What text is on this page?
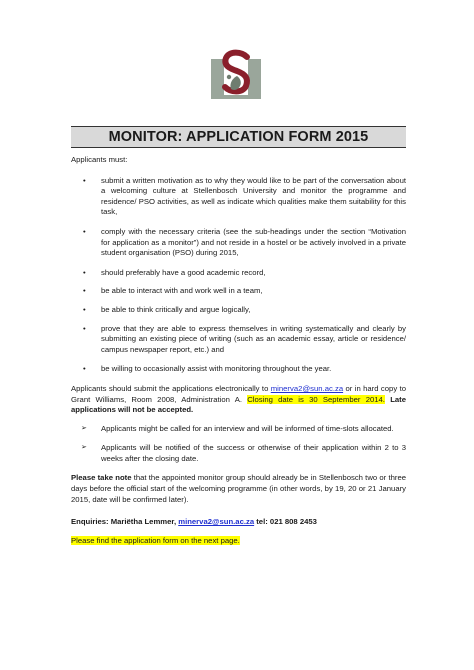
MONITOR: APPLICATION FORM 2015
Applicants must:
• submit a written motivation as to why they would like to be part of the conversation about a welcoming culture at Stellenbosch University and monitor the programme and residence/ PSO activities, as well as indicate which qualities make them suitability for this task,
• comply with the necessary criteria (see the sub-headings under the section “Motivation for application as a monitor”) and not reside in a hostel or be actively involved in a private student organisation (PSO) during 2015,
• should preferably have a good academic record,
• be able to interact with and work well in a team,
• be able to think critically and argue logically,
• prove that they are able to express themselves in writing systematically and clearly by submitting an existing piece of writing (such as an academic essay, article or residence/ campus newspaper report, etc.) and
• be willing to occasionally assist with monitoring throughout the year.

Applicants should submit the applications electronically to minerva2@sun.ac.za or in hard copy to Grant Williams, Room 2008, Administration A. Closing date is 30 September 2014. Late applications will not be accepted.

➢ Applicants might be called for an interview and will be informed of time-slots allocated.
➢ Applicants will be notified of the success or otherwise of their application within 2 to 3 weeks after the closing date.

Please take note that the appointed monitor group should already be in Stellenbosch two or three days before the official start of the welcoming programme (in other words, by 19, 20 or 21 January 2015, date will be confirmed later).

Enquiries: Mariëtha Lemmer, minerva2@sun.ac.za tel: 021 808 2453

Please find the application form on the next page.
